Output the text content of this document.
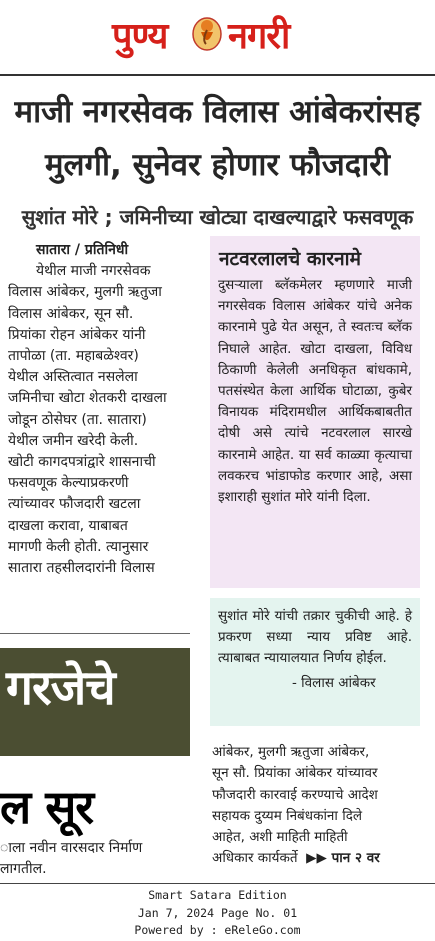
पुण्य नगरी
माजी नगरसेवक विलास आंबेकरांसह
मुलगी, सुनेवर होणार फौजदारी
सुशांत मोरे ; जमिनीच्या खोट्या दाखल्याद्वारे फसवणूक
सातारा / प्रतिनिधी

येथील माजी नगरसेवक

विलास आंबेकर, मुलगी ऋतुजा

विलास आंबेकर, सून सौ.

प्रियांका रोहन आंबेकर यांनी

तापोळा (ता. महाबळेश्वर)

येथील अस्तित्वात नसलेला

जमिनीचा खोटा शेतकरी दाखला

जोडून ठोसेघर (ता. सातारा)

येथील जमीन खरेदी केली.

खोटी कागदपत्रांद्वारे शासनाची

फसवणूक केल्याप्रकरणी

त्यांच्यावर फौजदारी खटला

दाखला करावा, याबाबत

मागणी केली होती. त्यानुसार

सातारा तहसीलदारांनी विलास

नटवरलालचे कारनामे
दुसऱ्याला ब्लॅकमेलर म्हणणारे माजी नगरसेवक विलास आंबेकर यांचे अनेक कारनामे पुढे येत असून, ते स्वतःच ब्लॅक निघाले आहेत. खोटा दाखला, विविध ठिकाणी केलेली अनधिकृत बांधकामे, पतसंस्थेत केला आर्थिक घोटाळा, कुबेर विनायक मंदिरामधील आर्थिकबाबतीत दोषी असे त्यांचे नटवरलाल सारखे कारनामे आहेत. या सर्व काळ्या कृत्याचा लवकरच भांडाफोड करणार आहे, असा इशाराही सुशांत मोरे यांनी दिला.
सुशांत मोरे यांची तक्रार चुकीची आहे. हे प्रकरण सध्या न्याय प्रविष्ट आहे. त्याबाबत न्यायालयात निर्णय होईल.
- विलास आंबेकर
गरजेचे
ल सूर
ाला नवीन वारसदार निर्माण
लागतील.
आंबेकर, मुलगी ऋतुजा आंबेकर,
सून सौ. प्रियांका आंबेकर यांच्यावर
फौजदारी कारवाई करण्याचे आदेश
सहायक दुय्यम निबंधकांना दिले
आहेत, अशी माहिती माहिती
अधिकार कार्यकर्ते ▶▶ पान २ वर
Smart Satara Edition
Jan 7, 2024 Page No. 01
Powered by : eReleGo.com
